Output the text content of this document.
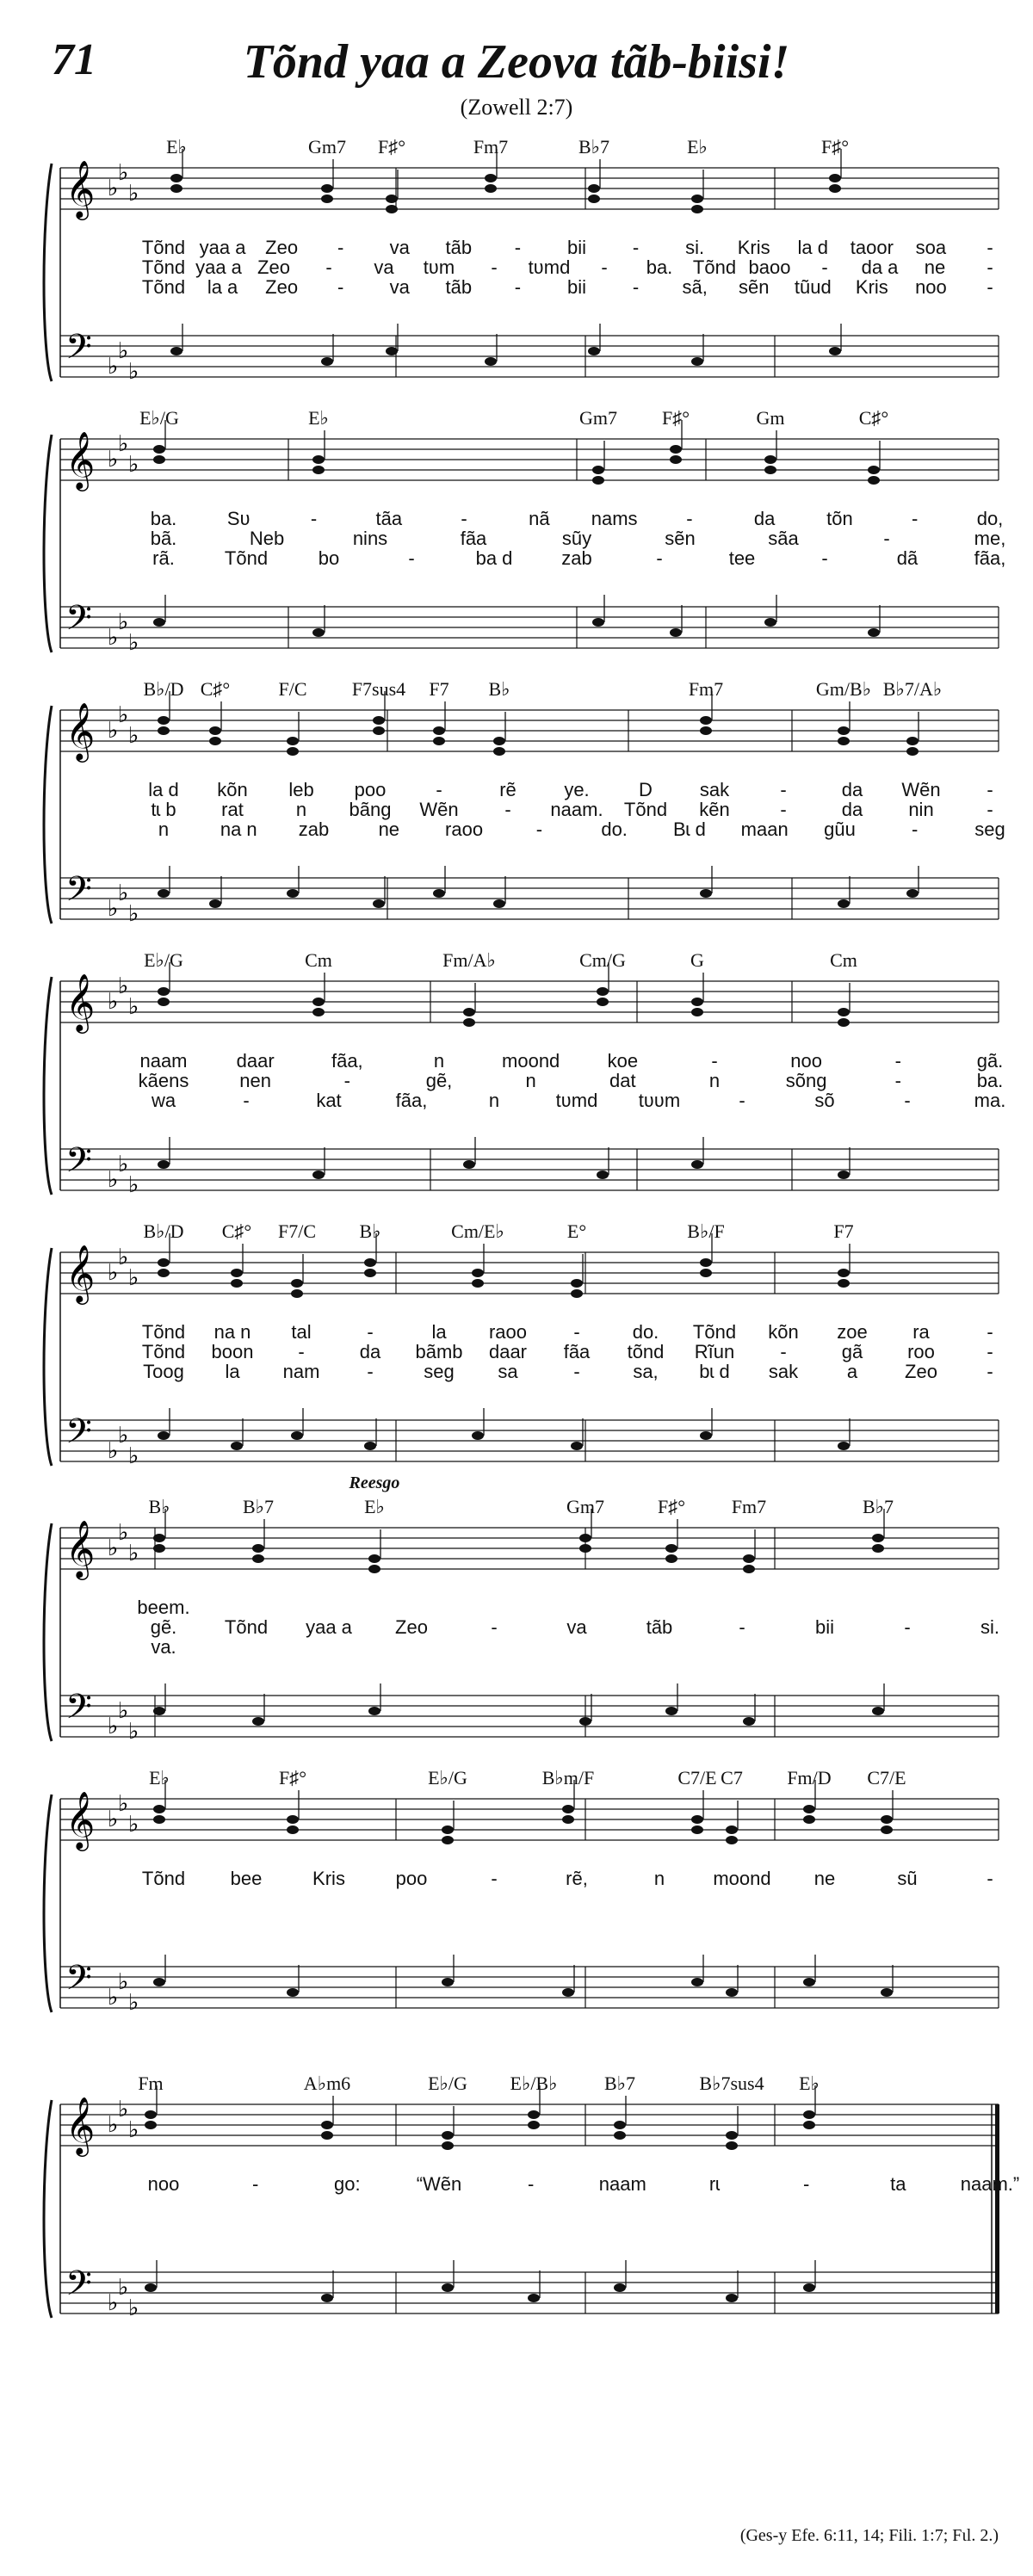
71	Tõnd yaa a Zeova tãb-biisi!
(Zowell 2:7)
𝄞
𝄢
♭
♭
♭
♭
♭
♭
E♭	Gm7 F♯°	Fm7	B♭7	E♭	F♯°
Tõnd yaa a Zeo - va tãb - bii - si. Kris la d taoor soa -
Tõnd yaa a Zeo - va tʋm - tʋmd - ba. Tõnd baoo - da a ne -
Tõnd la a Zeo - va tãb - bii - sã, sẽn tũud Kris noo -
𝄞
𝄢
♭
♭
♭
♭
♭
♭
E♭/G	E♭	Gm7 F♯°	Gm	C♯°
ba.	Sʋ	-	tãa	-	nã nams	-	da	tõn	-	do,
bã.	Neb	nins	fãa	sũy	sẽn	sãa	-	me,
rã.	Tõnd	bo	-	ba d	zab	-	tee	-	dã	fãa,
𝄞
𝄢
♭
♭
♭
♭
♭
♭
B♭/D C♯°	F/C F7sus4 F7 B♭	Fm7	Gm/B♭ B♭7/A♭
la d kõn leb poo	-	rẽ	ye.	D sak	-	da Wẽn -
tɩ b rat	n bãng Wẽn - naam. Tõnd kẽn	-	da nin	-
n	na n zab	ne raoo	-	do. Bɩ d maan gũu	-	seg
𝄞
𝄢
♭
♭
♭
♭
♭
♭
E♭/G	Cm	Fm/A♭	Cm/G	G	Cm
naam	daar	fãa,	n	moond	koe	-	noo	-	gã.
kãens	nen	-	gẽ,	n	dat	n	sõng	-	ba.
wa	-	kat	fãa,	n	tʋmd tʋʋm	-	sõ	-	ma.
𝄞
𝄢
♭
♭
♭
♭
♭
♭
B♭/D C♯° F7/C B♭	Cm/E♭	E°	B♭/F	F7
Tõnd na n tal	-	la raoo -	do. Tõnd kõn zoe ra	-
Tõnd boon -	da bãmb daar fãa tõnd Rĩun -	gã roo	-
Toog la nam -	seg sa	-	sa, bɩ d sak	a Zeo	-
𝄞
𝄢
♭
♭
♭
♭
♭
♭
B♭	B♭7	E♭	Gm7	F♯° Fm7	B♭7
Reesgo
beem.
gẽ.	Tõnd yaa a Zeo	-	va	tãb	-	bii	-	si.
va.
𝄞
𝄢
♭
♭
♭
♭
♭
♭
E♭	F♯°	E♭/G	B♭m/F	C7/E C7 Fm/D C7/E
Tõnd bee	Kris	poo	-	rẽ,	n	moond ne	sũ	-
𝄞
𝄢
♭
♭
♭
♭
♭
♭
Fm	A♭m6	E♭/G E♭/B♭ B♭7	B♭7sus4 E♭
noo	-	go:	“Wẽn	-	naam	rɩ	-	ta	naam.”
(Ges-y Efe. 6:11, 14; Fili. 1:7; Fɩl. 2.)
